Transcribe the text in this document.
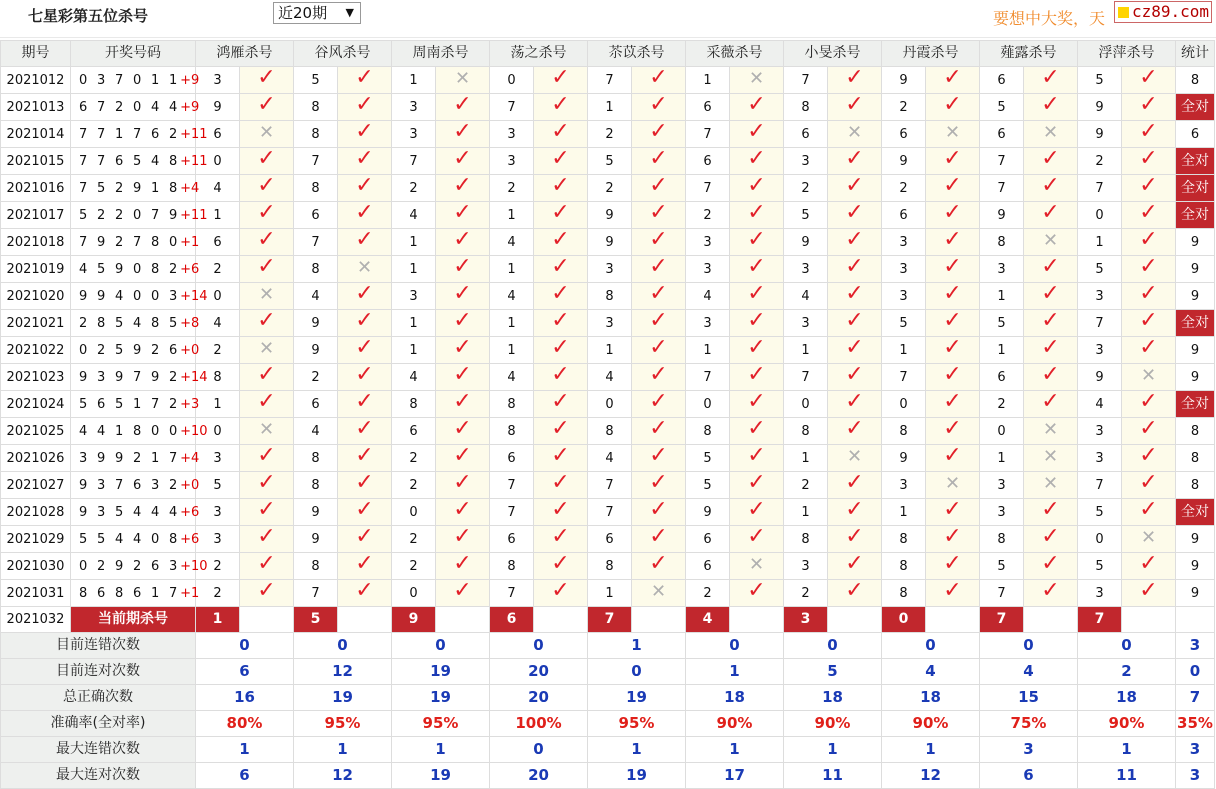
七星彩第五位杀号	近20期 ▼	要想中大奖，天	cz89.com
期号	开奖号码	鸿雁杀号		谷风杀号		周南杀号		荡之杀号		苶苡杀号		采薇杀号		小旻杀号		丹霞杀号		薤露杀号		浮萍杀号		统计
2021012	0 3 7 0 1 1+9	3	✓	5	✓	1	✕	0	✓	7	✓	1	✕	7	✓	9	✓	6	✓	5	✓	8
2021013	6 7 2 0 4 4+9	9	✓	8	✓	3	✓	7	✓	1	✓	6	✓	8	✓	2	✓	5	✓	9	✓	全对
2021014	7 7 1 7 6 2+11	6	✕	8	✓	3	✓	3	✓	2	✓	7	✓	6	✕	6	✕	6	✕	9	✓	6
2021015	7 7 6 5 4 8+11	0	✓	7	✓	7	✓	3	✓	5	✓	6	✓	3	✓	9	✓	7	✓	2	✓	全对
2021016	7 5 2 9 1 8+4	4	✓	8	✓	2	✓	2	✓	2	✓	7	✓	2	✓	2	✓	7	✓	7	✓	全对
2021017	5 2 2 0 7 9+11	1	✓	6	✓	4	✓	1	✓	9	✓	2	✓	5	✓	6	✓	9	✓	0	✓	全对
2021018	7 9 2 7 8 0+1	6	✓	7	✓	1	✓	4	✓	9	✓	3	✓	9	✓	3	✓	8	✕	1	✓	9
2021019	4 5 9 0 8 2+6	2	✓	8	✕	1	✓	1	✓	3	✓	3	✓	3	✓	3	✓	3	✓	5	✓	9
2021020	9 9 4 0 0 3+14	0	✕	4	✓	3	✓	4	✓	8	✓	4	✓	4	✓	3	✓	1	✓	3	✓	9
2021021	2 8 5 4 8 5+8	4	✓	9	✓	1	✓	1	✓	3	✓	3	✓	3	✓	5	✓	5	✓	7	✓	全对
2021022	0 2 5 9 2 6+0	2	✕	9	✓	1	✓	1	✓	1	✓	1	✓	1	✓	1	✓	1	✓	3	✓	9
2021023	9 3 9 7 9 2+14	8	✓	2	✓	4	✓	4	✓	4	✓	7	✓	7	✓	7	✓	6	✓	9	✕	9
2021024	5 6 5 1 7 2+3	1	✓	6	✓	8	✓	8	✓	0	✓	0	✓	0	✓	0	✓	2	✓	4	✓	全对
2021025	4 4 1 8 0 0+10	0	✕	4	✓	6	✓	8	✓	8	✓	8	✓	8	✓	8	✓	0	✕	3	✓	8
2021026	3 9 9 2 1 7+4	3	✓	8	✓	2	✓	6	✓	4	✓	5	✓	1	✕	9	✓	1	✕	3	✓	8
2021027	9 3 7 6 3 2+0	5	✓	8	✓	2	✓	7	✓	7	✓	5	✓	2	✓	3	✕	3	✕	7	✓	8
2021028	9 3 5 4 4 4+6	3	✓	9	✓	0	✓	7	✓	7	✓	9	✓	1	✓	1	✓	3	✓	5	✓	全对
2021029	5 5 4 4 0 8+6	3	✓	9	✓	2	✓	6	✓	6	✓	6	✓	8	✓	8	✓	8	✓	0	✕	9
2021030	0 2 9 2 6 3+10	2	✓	8	✓	2	✓	8	✓	8	✓	6	✕	3	✓	8	✓	5	✓	5	✓	9
2021031	8 6 8 6 1 7+1	2	✓	7	✓	0	✓	7	✓	1	✕	2	✓	2	✓	8	✓	7	✓	3	✓	9
2021032	当前期杀号	1		5		9		6		7		4		3		0		7		7		
目前连错次数		0		0		0		0		1		0		0		0		0		0		3
目前连对次数		6		12		19		20		0		1		5		4		4		2		0
总正确次数		16		19		19		20		19		18		18		18		15		18		7
准确率(全对率)		80%		95%		95%		100%		95%		90%		90%		90%		75%		90%		35%
最大连错次数		1		1		1		0		1		1		1		1		3		1		3
最大连对次数		6		12		19		20		19		17		11		12		6		11		3
